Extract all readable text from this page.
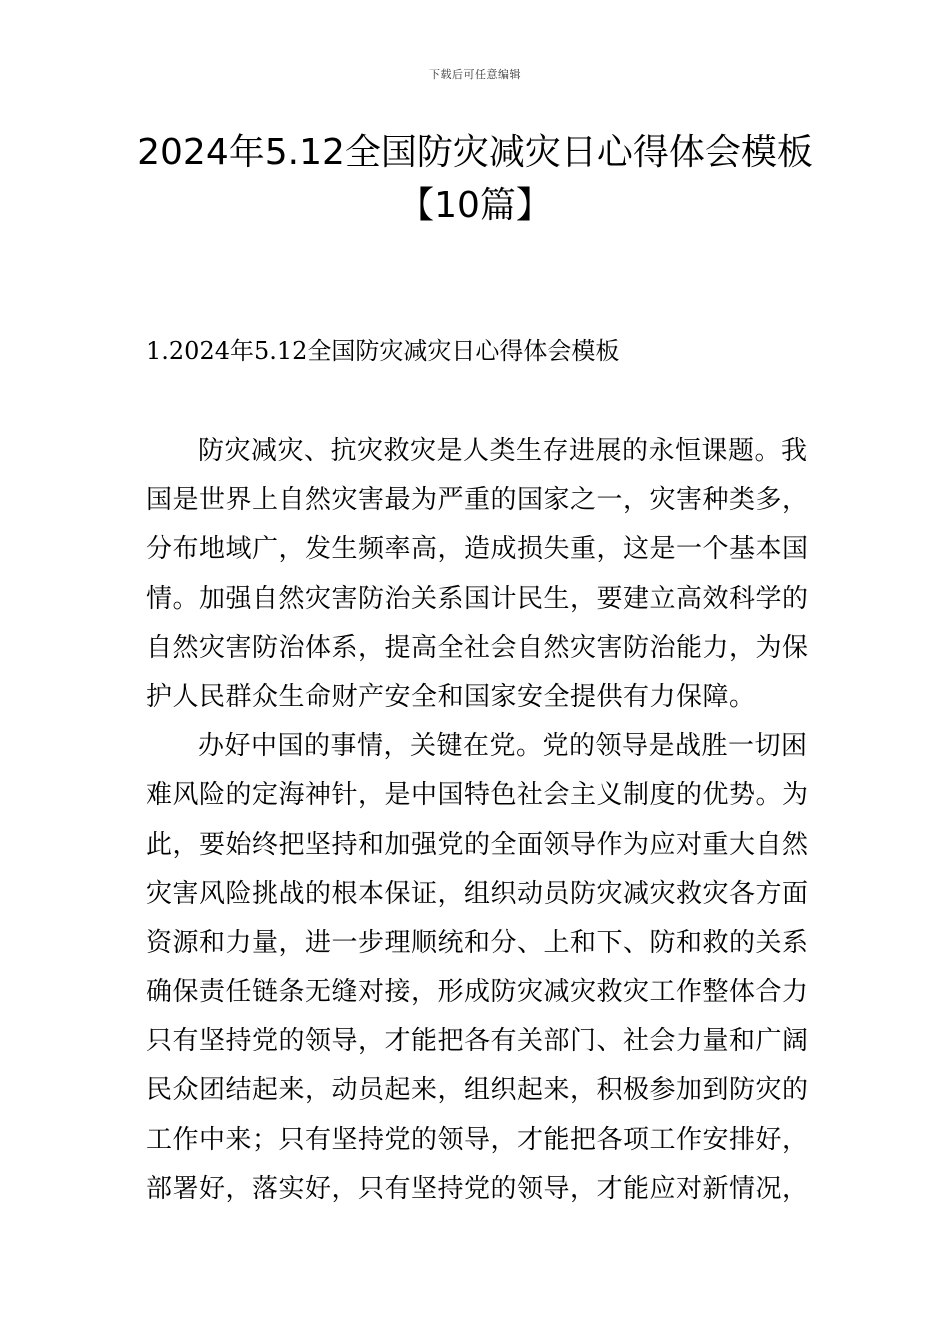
下载后可任意编辑
2024年5.12全国防灾减灾日心得体会模板
【10篇】
1.2024年5.12全国防灾减灾日心得体会模板

防灾减灾、抗灾救灾是人类生存进展的永恒课题。我
国是世界上自然灾害最为严重的国家之一，灾害种类多，
分布地域广，发生频率高，造成损失重，这是一个基本国
情。加强自然灾害防治关系国计民生，要建立高效科学的
自然灾害防治体系，提高全社会自然灾害防治能力，为保
护人民群众生命财产安全和国家安全提供有力保障。

办好中国的事情，关键在党。党的领导是战胜一切困
难风险的定海神针，是中国特色社会主义制度的优势。为
此，要始终把坚持和加强党的全面领导作为应对重大自然
灾害风险挑战的根本保证，组织动员防灾减灾救灾各方面
资源和力量，进一步理顺统和分、上和下、防和救的关系
确保责任链条无缝对接，形成防灾减灾救灾工作整体合力
只有坚持党的领导，才能把各有关部门、社会力量和广阔
民众团结起来，动员起来，组织起来，积极参加到防灾的
工作中来；只有坚持党的领导，才能把各项工作安排好，
部署好，落实好，只有坚持党的领导，才能应对新情况，
